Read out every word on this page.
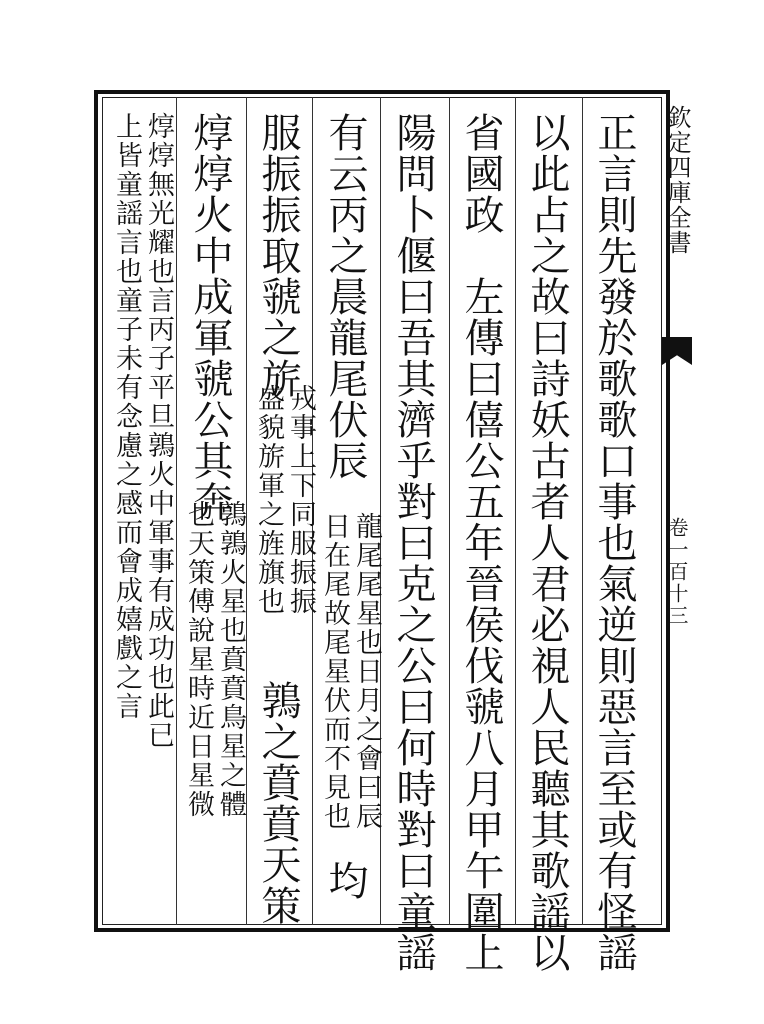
欽定四庫全書
卷一百十三
正言則先發於歌歌口事也氣逆則惡言至或有怪謡
以此占之故曰詩妖古者人君必視人民聽其歌謡以
省國政　左傳曰僖公五年晉侯伐虢八月甲午圍上
陽問卜偃曰吾其濟乎對曰克之公曰何時對曰童謡
有云丙之晨龍尾伏辰
龍尾尾星也日月之會曰辰
日在尾故尾星伏而不見也
均
服振振取虢之旂
戎事上下同服振振
盛貌旂軍之旌旗也
鶉之賁賁天策
焞焞火中成軍虢公其奔
鶉鶉火星也賁賁鳥星之體
也天策傅說星時近日星微
焞焞無光耀也言丙子平旦鶉火中軍事有成功也此已
上皆童謡言也童子未有念慮之感而會成嬉戲之言
